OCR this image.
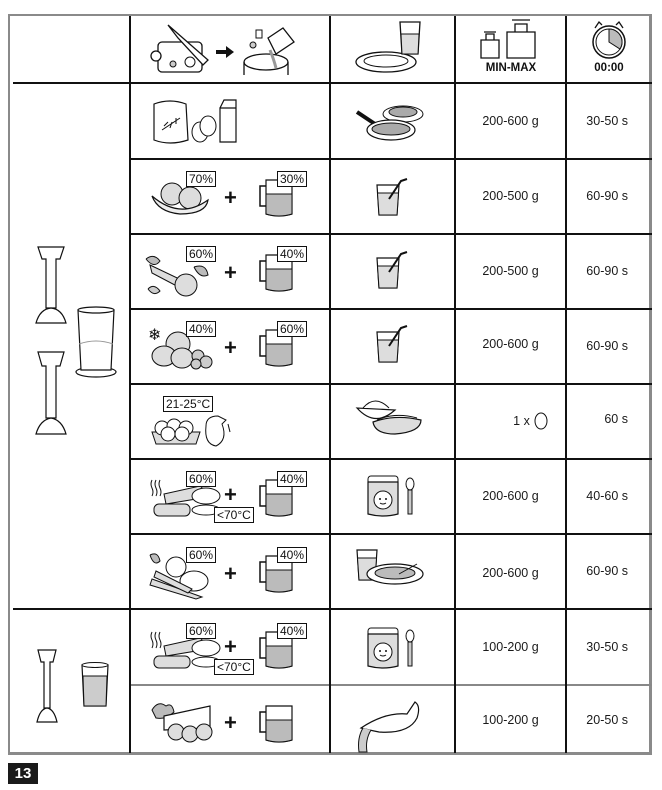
MIN-MAX	00:00
200-600 g	30-50 s
70%
+
30%
200-500 g	60-90 s
60%
+
40%
200-500 g	60-90 s
❄ 40%
+
60%
200-600 g	60-90 s
21-25°C
1 x	60 s
60%
+
<70°C
40%
200-600 g	40-60 s
60%
+
40%
200-600 g	60-90 s
60%
+
<70°C
40%
100-200 g	30-50 s
+	100-200 g	20-50 s
13
